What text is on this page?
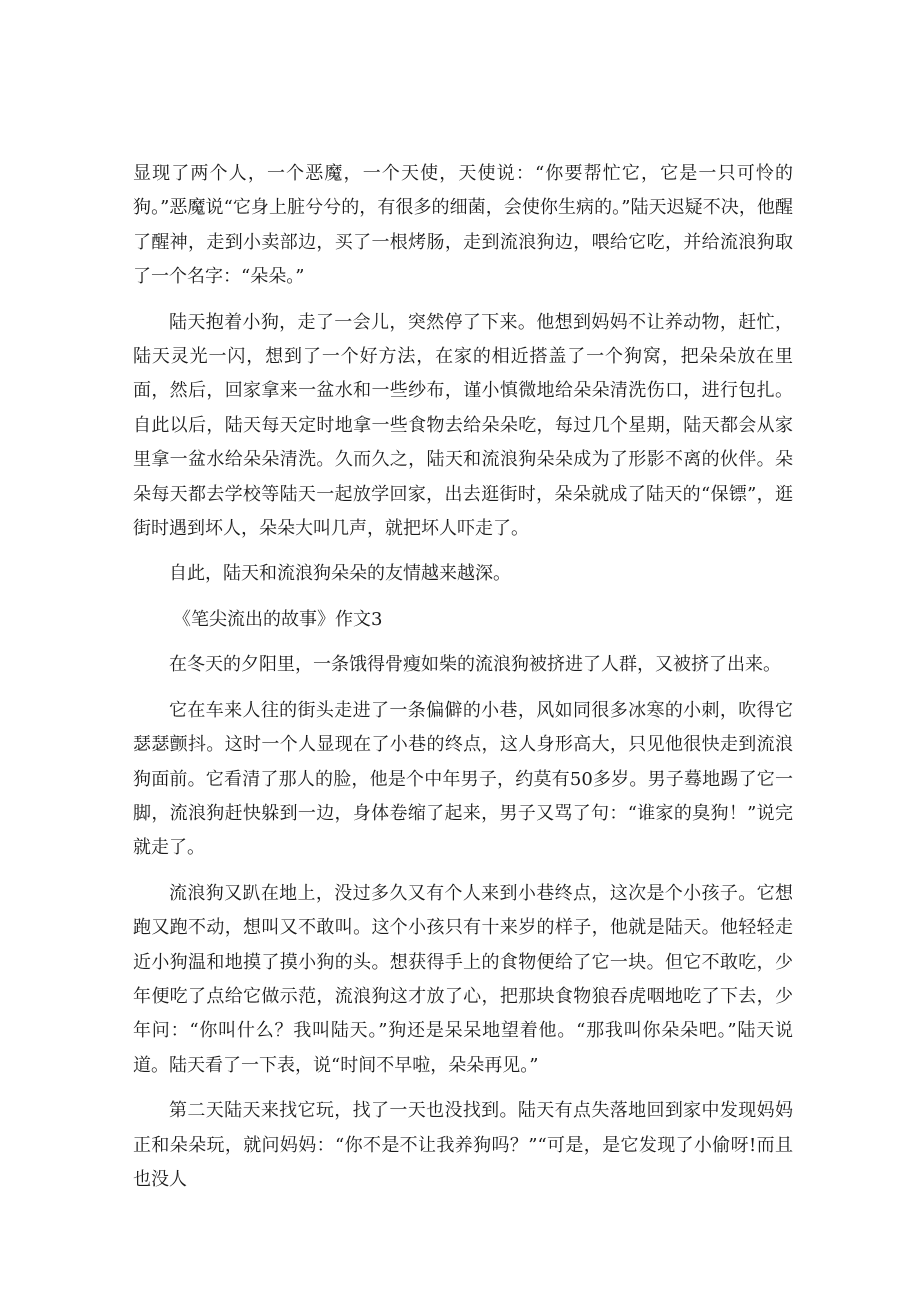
显现了两个人，一个恶魔，一个天使，天使说：“你要帮忙它，它是一只可怜的狗。”恶魔说“它身上脏兮兮的，有很多的细菌，会使你生病的。”陆天迟疑不决，他醒了醒神，走到小卖部边，买了一根烤肠，走到流浪狗边，喂给它吃，并给流浪狗取了一个名字：“朵朵。”

陆天抱着小狗，走了一会儿，突然停了下来。他想到妈妈不让养动物，赶忙，陆天灵光一闪，想到了一个好方法，在家的相近搭盖了一个狗窝，把朵朵放在里面，然后，回家拿来一盆水和一些纱布，谨小慎微地给朵朵清洗伤口，进行包扎。自此以后，陆天每天定时地拿一些食物去给朵朵吃，每过几个星期，陆天都会从家里拿一盆水给朵朵清洗。久而久之，陆天和流浪狗朵朵成为了形影不离的伙伴。朵朵每天都去学校等陆天一起放学回家，出去逛街时，朵朵就成了陆天的“保镖”，逛街时遇到坏人，朵朵大叫几声，就把坏人吓走了。

自此，陆天和流浪狗朵朵的友情越来越深。

《笔尖流出的故事》作文3

在冬天的夕阳里，一条饿得骨瘦如柴的流浪狗被挤进了人群，又被挤了出来。

它在车来人往的街头走进了一条偏僻的小巷，风如同很多冰寒的小刺，吹得它瑟瑟颤抖。这时一个人显现在了小巷的终点，这人身形高大，只见他很快走到流浪狗面前。它看清了那人的脸，他是个中年男子，约莫有50多岁。男子蓦地踢了它一脚，流浪狗赶快躲到一边，身体卷缩了起来，男子又骂了句：“谁家的臭狗！”说完就走了。

流浪狗又趴在地上，没过多久又有个人来到小巷终点，这次是个小孩子。它想跑又跑不动，想叫又不敢叫。这个小孩只有十来岁的样子，他就是陆天。他轻轻走近小狗温和地摸了摸小狗的头。想获得手上的食物便给了它一块。但它不敢吃，少年便吃了点给它做示范，流浪狗这才放了心，把那块食物狼吞虎咽地吃了下去，少年问：“你叫什么？我叫陆天。”狗还是呆呆地望着他。“那我叫你朵朵吧。”陆天说道。陆天看了一下表，说“时间不早啦，朵朵再见。”

第二天陆天来找它玩，找了一天也没找到。陆天有点失落地回到家中发现妈妈正和朵朵玩，就问妈妈：“你不是不让我养狗吗？”“可是，是它发现了小偷呀!而且也没人
